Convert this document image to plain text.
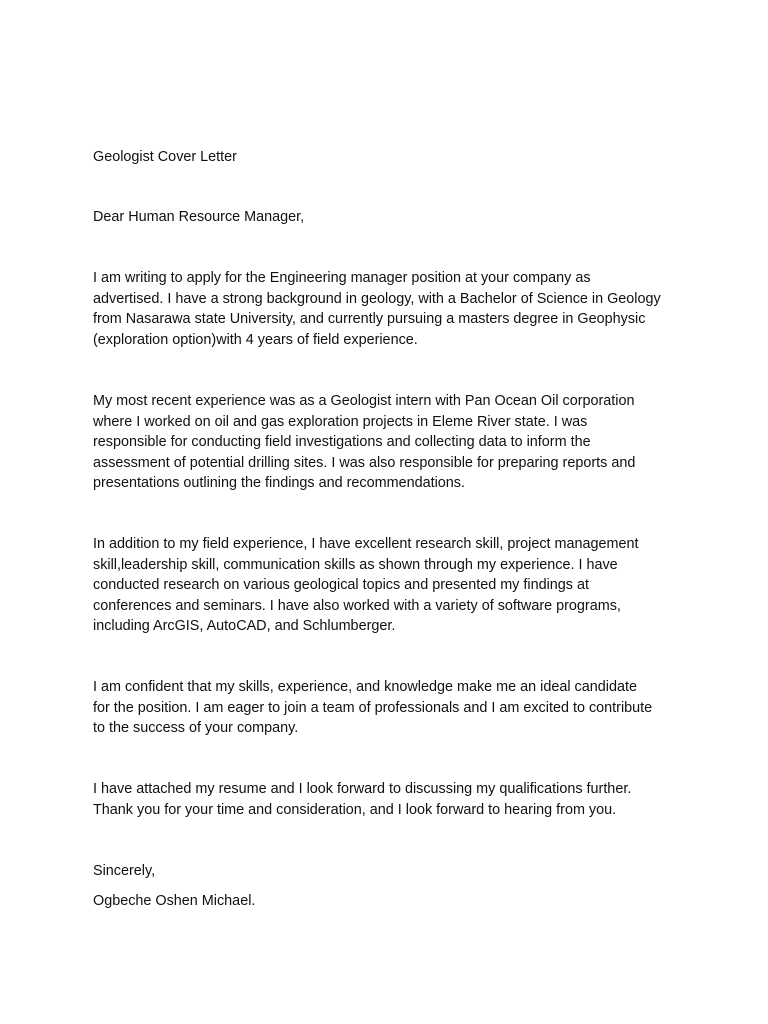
Geologist Cover Letter

Dear Human Resource Manager,

I am writing to apply for the Engineering manager position at your company as
advertised. I have a strong background in geology, with a Bachelor of Science in Geology
from Nasarawa state University, and currently pursuing a masters degree in Geophysic
(exploration option)with 4 years of field experience.

My most recent experience was as a Geologist intern with Pan Ocean Oil corporation
where I worked on oil and gas exploration projects in Eleme River state. I was
responsible for conducting field investigations and collecting data to inform the
assessment of potential drilling sites. I was also responsible for preparing reports and
presentations outlining the findings and recommendations.

In addition to my field experience, I have excellent research skill, project management
skill,leadership skill, communication skills as shown through my experience. I have
conducted research on various geological topics and presented my findings at
conferences and seminars. I have also worked with a variety of software programs,
including ArcGIS, AutoCAD, and Schlumberger.

I am confident that my skills, experience, and knowledge make me an ideal candidate
for the position. I am eager to join a team of professionals and I am excited to contribute
to the success of your company.

I have attached my resume and I look forward to discussing my qualifications further.
Thank you for your time and consideration, and I look forward to hearing from you.

Sincerely,

Ogbeche Oshen Michael.
